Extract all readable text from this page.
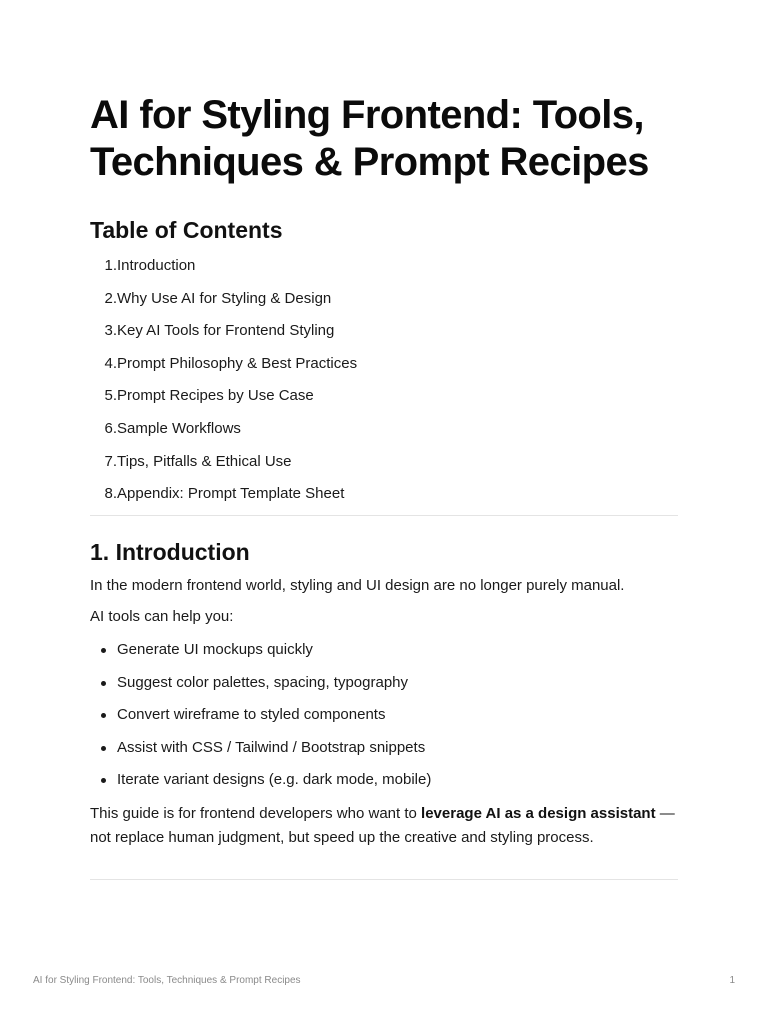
AI for Styling Frontend: Tools, Techniques & Prompt Recipes
Table of Contents
1 . Introduction
2 . Why Use AI for Styling & Design
3 . Key AI Tools for Frontend Styling
4 . Prompt Philosophy & Best Practices
5 . Prompt Recipes by Use Case
6 . Sample Workflows
7 . Tips, Pitfalls & Ethical Use
8 . Appendix: Prompt Template Sheet
1. Introduction

In the modern frontend world, styling and UI design are no longer purely manual.

AI tools can help you:

Generate UI mockups quickly
Suggest color palettes, spacing, typography
Convert wireframe to styled components
Assist with CSS / Tailwind / Bootstrap snippets
Iterate variant designs (e.g. dark mode, mobile)

This guide is for frontend developers who want to leverage AI as a design assistant — not replace human judgment, but speed up the creative and styling process.

AI for Styling Frontend: Tools, Techniques & Prompt Recipes	1
